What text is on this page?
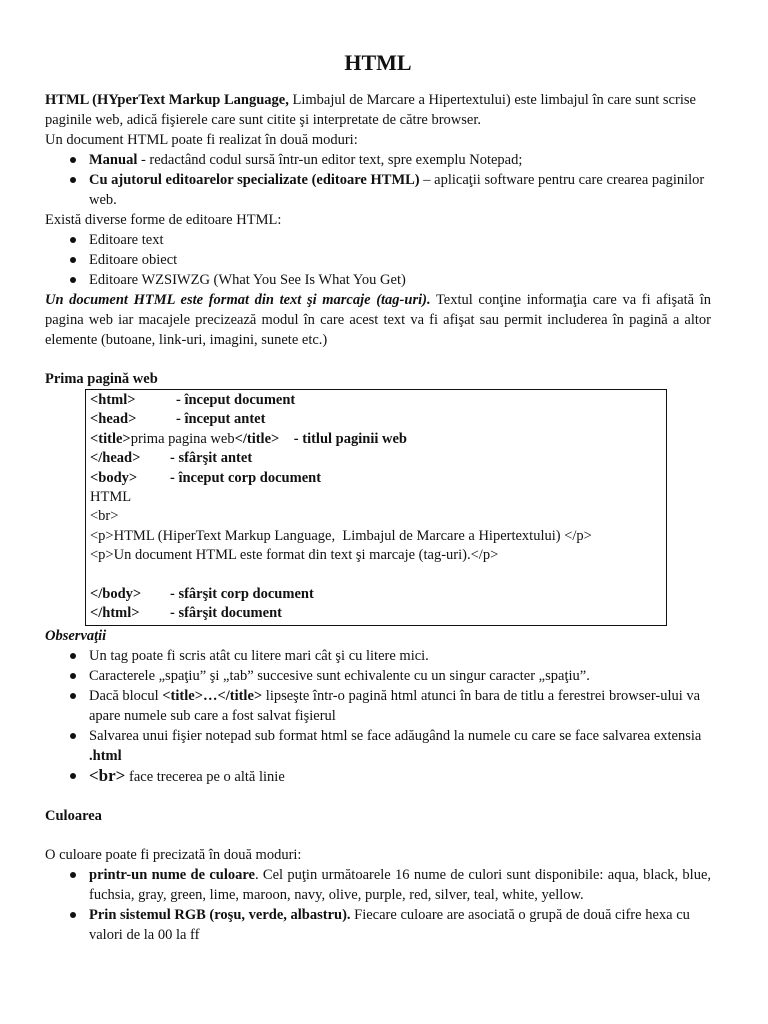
HTML

HTML (HYperText Markup Language, Limbajul de Marcare a Hipertextului) este limbajul în care sunt scrise paginile web, adică fişierele care sunt citite şi interpretate de către browser.

Un document HTML poate fi realizat în două moduri:

Manual - redactând codul sursă într-un editor text, spre exemplu Notepad;
Cu ajutorul editoarelor specializate (editoare HTML) – aplicaţii software pentru care crearea paginilor web.

Există diverse forme de editoare HTML:

Editoare text
Editoare obiect
Editoare WZSIWZG (What You See Is What You Get)

Un document HTML este format din text şi marcaje (tag-uri). Textul conţine informaţia care va fi afişată în pagina web iar macajele precizează modul în care acest text va fi afişat sau permit includerea în pagină a altor elemente (butoane, link-uri, imagini, sunete etc.)

Prima pagină web

<html>	- început document
<head>	- început antet
<title>prima pagina web</title> - titlul paginii web
</head> - sfârşit antet
<body> - început corp document
HTML
<br>
<p>HTML (HiperText Markup Language,  Limbajul de Marcare a Hipertextului) </p>
<p>Un document HTML este format din text şi marcaje (tag-uri).</p>
</body> - sfârşit corp document
</html> - sfârşit document

Observaţii

Un tag poate fi scris atât cu litere mari cât şi cu litere mici.
Caracterele „spaţiu” şi „tab” succesive sunt echivalente cu un singur caracter „spaţiu”.
Dacă blocul <title>…</title> lipseşte într-o pagină html atunci în bara de titlu a ferestrei browser-ului va apare numele sub care a fost salvat fişierul
Salvarea unui fişier notepad sub format html se face adăugând la numele cu care se face salvarea extensia .html
<br> face trecerea pe o altă linie

Culoarea

O culoare poate fi precizată în două moduri:

printr-un nume de culoare. Cel puţin următoarele 16 nume de culori sunt disponibile: aqua, black, blue, fuchsia, gray, green, lime, maroon, navy, olive, purple, red, silver, teal, white, yellow.
Prin sistemul RGB (roşu, verde, albastru). Fiecare culoare are asociată o grupă de două cifre hexa cu valori de la 00 la ff
